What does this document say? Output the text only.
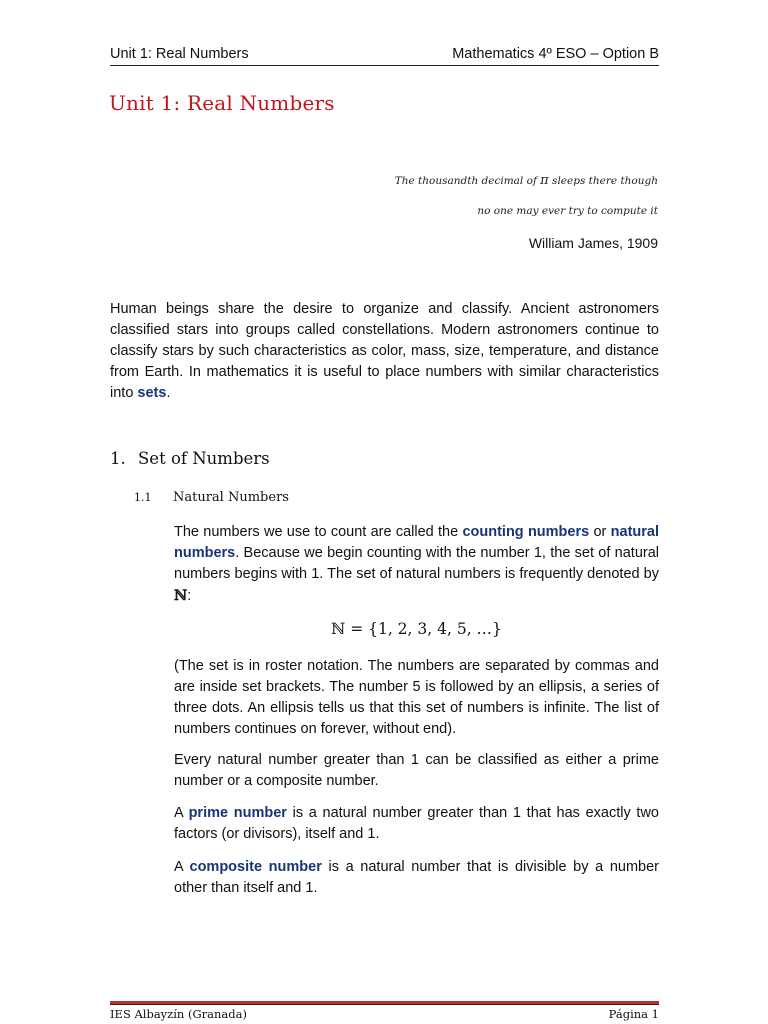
Unit 1: Real Numbers	Mathematics 4º ESO – Option B
Unit 1: Real Numbers
The thousandth decimal of π sleeps there though
no one may ever try to compute it
William James, 1909
Human beings share the desire to organize and classify. Ancient astronomers classified stars into groups called constellations. Modern astronomers continue to classify stars by such characteristics as color, mass, size, temperature, and distance from Earth. In mathematics it is useful to place numbers with similar characteristics into sets.
1. Set of Numbers
1.1 Natural Numbers
The numbers we use to count are called the counting numbers or natural numbers. Because we begin counting with the number 1, the set of natural numbers begins with 1. The set of natural numbers is frequently denoted by ℕ:
ℕ = {1, 2, 3, 4, 5, …}
(The set is in roster notation. The numbers are separated by commas and are inside set brackets. The number 5 is followed by an ellipsis, a series of three dots. An ellipsis tells us that this set of numbers is infinite. The list of numbers continues on forever, without end).
Every natural number greater than 1 can be classified as either a prime number or a composite number.
A prime number is a natural number greater than 1 that has exactly two factors (or divisors), itself and 1.
A composite number is a natural number that is divisible by a number other than itself and 1.
IES Albayzín (Granada)	Página 1
